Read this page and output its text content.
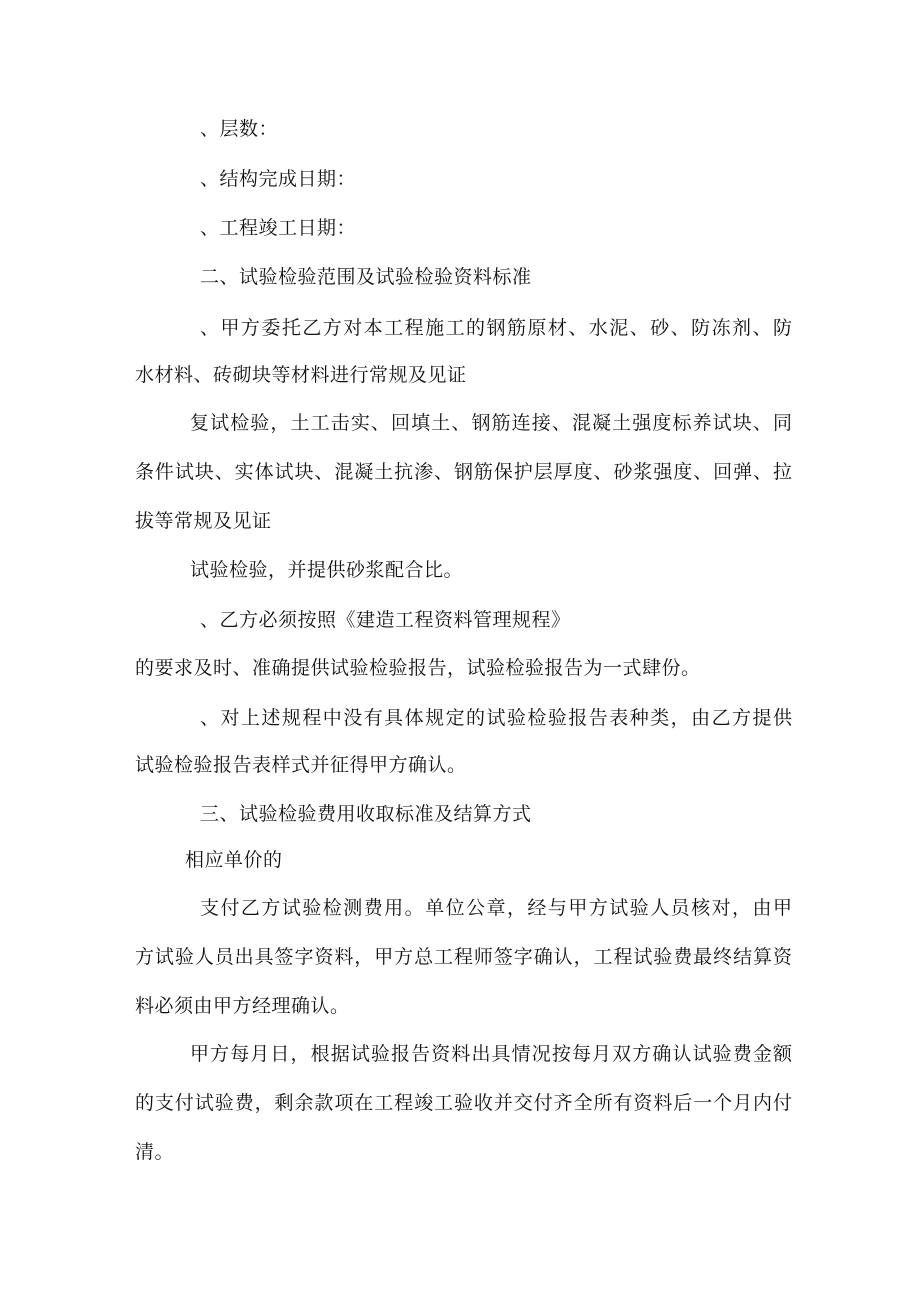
、层数：
、结构完成日期：
、工程竣工日期：
二、试验检验范围及试验检验资料标准
、甲方委托乙方对本工程施工的钢筋原材、水泥、砂、防冻剂、防
水材料、砖砌块等材料进行常规及见证
复试检验，土工击实、回填土、钢筋连接、混凝土强度标养试块、同
条件试块、实体试块、混凝土抗渗、钢筋保护层厚度、砂浆强度、回弹、拉
拔等常规及见证
试验检验，并提供砂浆配合比。
、乙方必须按照《建造工程资料管理规程》
的要求及时、准确提供试验检验报告，试验检验报告为一式肆份。
、对上述规程中没有具体规定的试验检验报告表种类，由乙方提供
试验检验报告表样式并征得甲方确认。
三、试验检验费用收取标准及结算方式
相应单价的
支付乙方试验检测费用。单位公章，经与甲方试验人员核对，由甲
方试验人员出具签字资料，甲方总工程师签字确认，工程试验费最终结算资
料必须由甲方经理确认。
甲方每月日，根据试验报告资料出具情况按每月双方确认试验费金额
的支付试验费，剩余款项在工程竣工验收并交付齐全所有资料后一个月内付
清。
